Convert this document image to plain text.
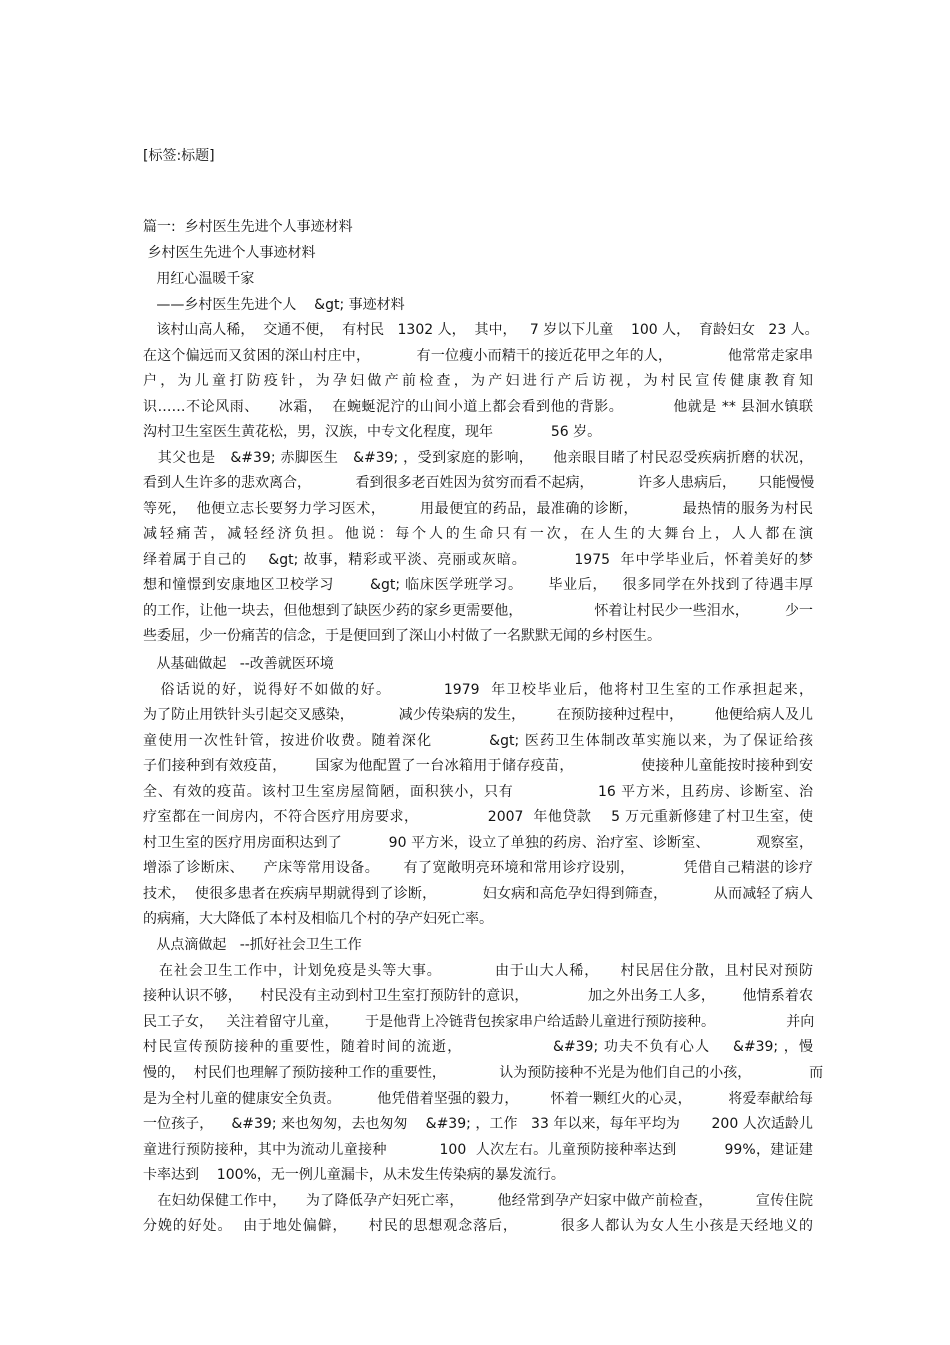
[标签:标题]

篇一:  乡村医生先进个人事迹材料

乡村医生先进个人事迹材料

用红心温暖千家

——乡村医生先进个人    &gt; 事迹材料

该村山高人稀，  交通不便，  有村民   1302 人，  其中，   7 岁以下儿童    100 人，  育龄妇女   23 人。

在这个偏远而又贫困的深山村庄中，          有一位瘦小而精干的接近花甲之年的人，            他常常走家串

户，为儿童打防疫针，为孕妇做产前检查，为产妇进行产后访视，为村民宣传健康教育知

识……不论风雨、    冰霜，  在蜿蜒泥泞的山间小道上都会看到他的背影。          他就是 ** 县洄水镇联

沟村卫生室医生黄花松，男，汉族，中专文化程度，现年             56 岁。

其父也是   &#39; 赤脚医生   &#39; ，受到家庭的影响，    他亲眼目睹了村民忍受疾病折磨的状况，

看到人生许多的悲欢离合，          看到很多老百姓因为贫穷而看不起病，          许多人患病后，     只能慢慢

等死，  他便立志长要努力学习医术，       用最便宜的药品，最准确的诊断，         最热情的服务为村民

减轻痛苦，减轻经济负担。他说：每个人的生命只有一次，在人生的大舞台上，人人都在演

绎着属于自己的    &gt; 故事，精彩或平淡、亮丽或灰暗。         1975  年中学毕业后，怀着美好的梦

想和憧憬到安康地区卫校学习       &gt; 临床医学班学习。     毕业后，   很多同学在外找到了待遇丰厚

的工作，让他一块去，但他想到了缺医少药的家乡更需要他，                怀着让村民少一些泪水，        少一

些委屈，少一份痛苦的信念，于是便回到了深山小村做了一名默默无闻的乡村医生。

从基础做起   --改善就医环境

俗话说的好，说得好不如做的好。         1979  年卫校毕业后，他将村卫生室的工作承担起来，

为了防止用铁针头引起交叉感染，          减少传染病的发生，       在预防接种过程中，       他便给病人及儿

童使用一次性针管，按进价收费。随着深化          &gt; 医药卫生体制改革实施以来，为了保证给孩

子们接种到有效疫苗，      国家为他配置了一台冰箱用于储存疫苗，              使接种儿童能按时接种到安

全、有效的疫苗。该村卫生室房屋简陋，面积狭小，只有                16 平方米，且药房、诊断室、治

疗室都在一间房内，不符合医疗用房要求，              2007  年他贷款    5 万元重新修建了村卫生室，使

村卫生室的医疗用房面积达到了          90 平方米，设立了单独的药房、治疗室、诊断室、          观察室，

增添了诊断床、    产床等常用设备。     有了宽敞明亮环境和常用诊疗设别，          凭借自己精湛的诊疗

技术，  使很多患者在疾病早期就得到了诊断，          妇女病和高危孕妇得到筛查，          从而减轻了病人

的病痛，大大降低了本村及相临几个村的孕产妇死亡率。

从点滴做起   --抓好社会卫生工作

在社会卫生工作中，计划免疫是头等大事。          由于山大人稀，    村民居住分散，且村民对预防

接种认识不够，    村民没有主动到村卫生室打预防针的意识，             加之外出务工人多，      他情系着农

民工子女，   关注着留守儿童，      于是他背上冷链背包挨家串户给适龄儿童进行预防接种。                并向

村民宣传预防接种的重要性，随着时间的流逝，                &#39; 功夫不负有心人    &#39; ，慢

慢的，  村民们也理解了预防接种工作的重要性，            认为预防接种不光是为他们自己的小孩，             而

是为全村儿童的健康安全负责。        他凭借着坚强的毅力，       怀着一颗红火的心灵，        将爱奉献给每

一位孩子，    &#39; 来也匆匆，去也匆匆    &#39; ，工作   33 年以来，每年平均为       200 人次适龄儿

童进行预防接种，其中为流动儿童接种           100  人次左右。儿童预防接种率达到          99%，建证建

卡率达到    100%，无一例儿童漏卡，从未发生传染病的暴发流行。

在妇幼保健工作中，    为了降低孕产妇死亡率，       他经常到孕产妇家中做产前检查，         宣传住院

分娩的好处。  由于地处偏僻，    村民的思想观念落后，        很多人都认为女人生小孩是天经地义的
